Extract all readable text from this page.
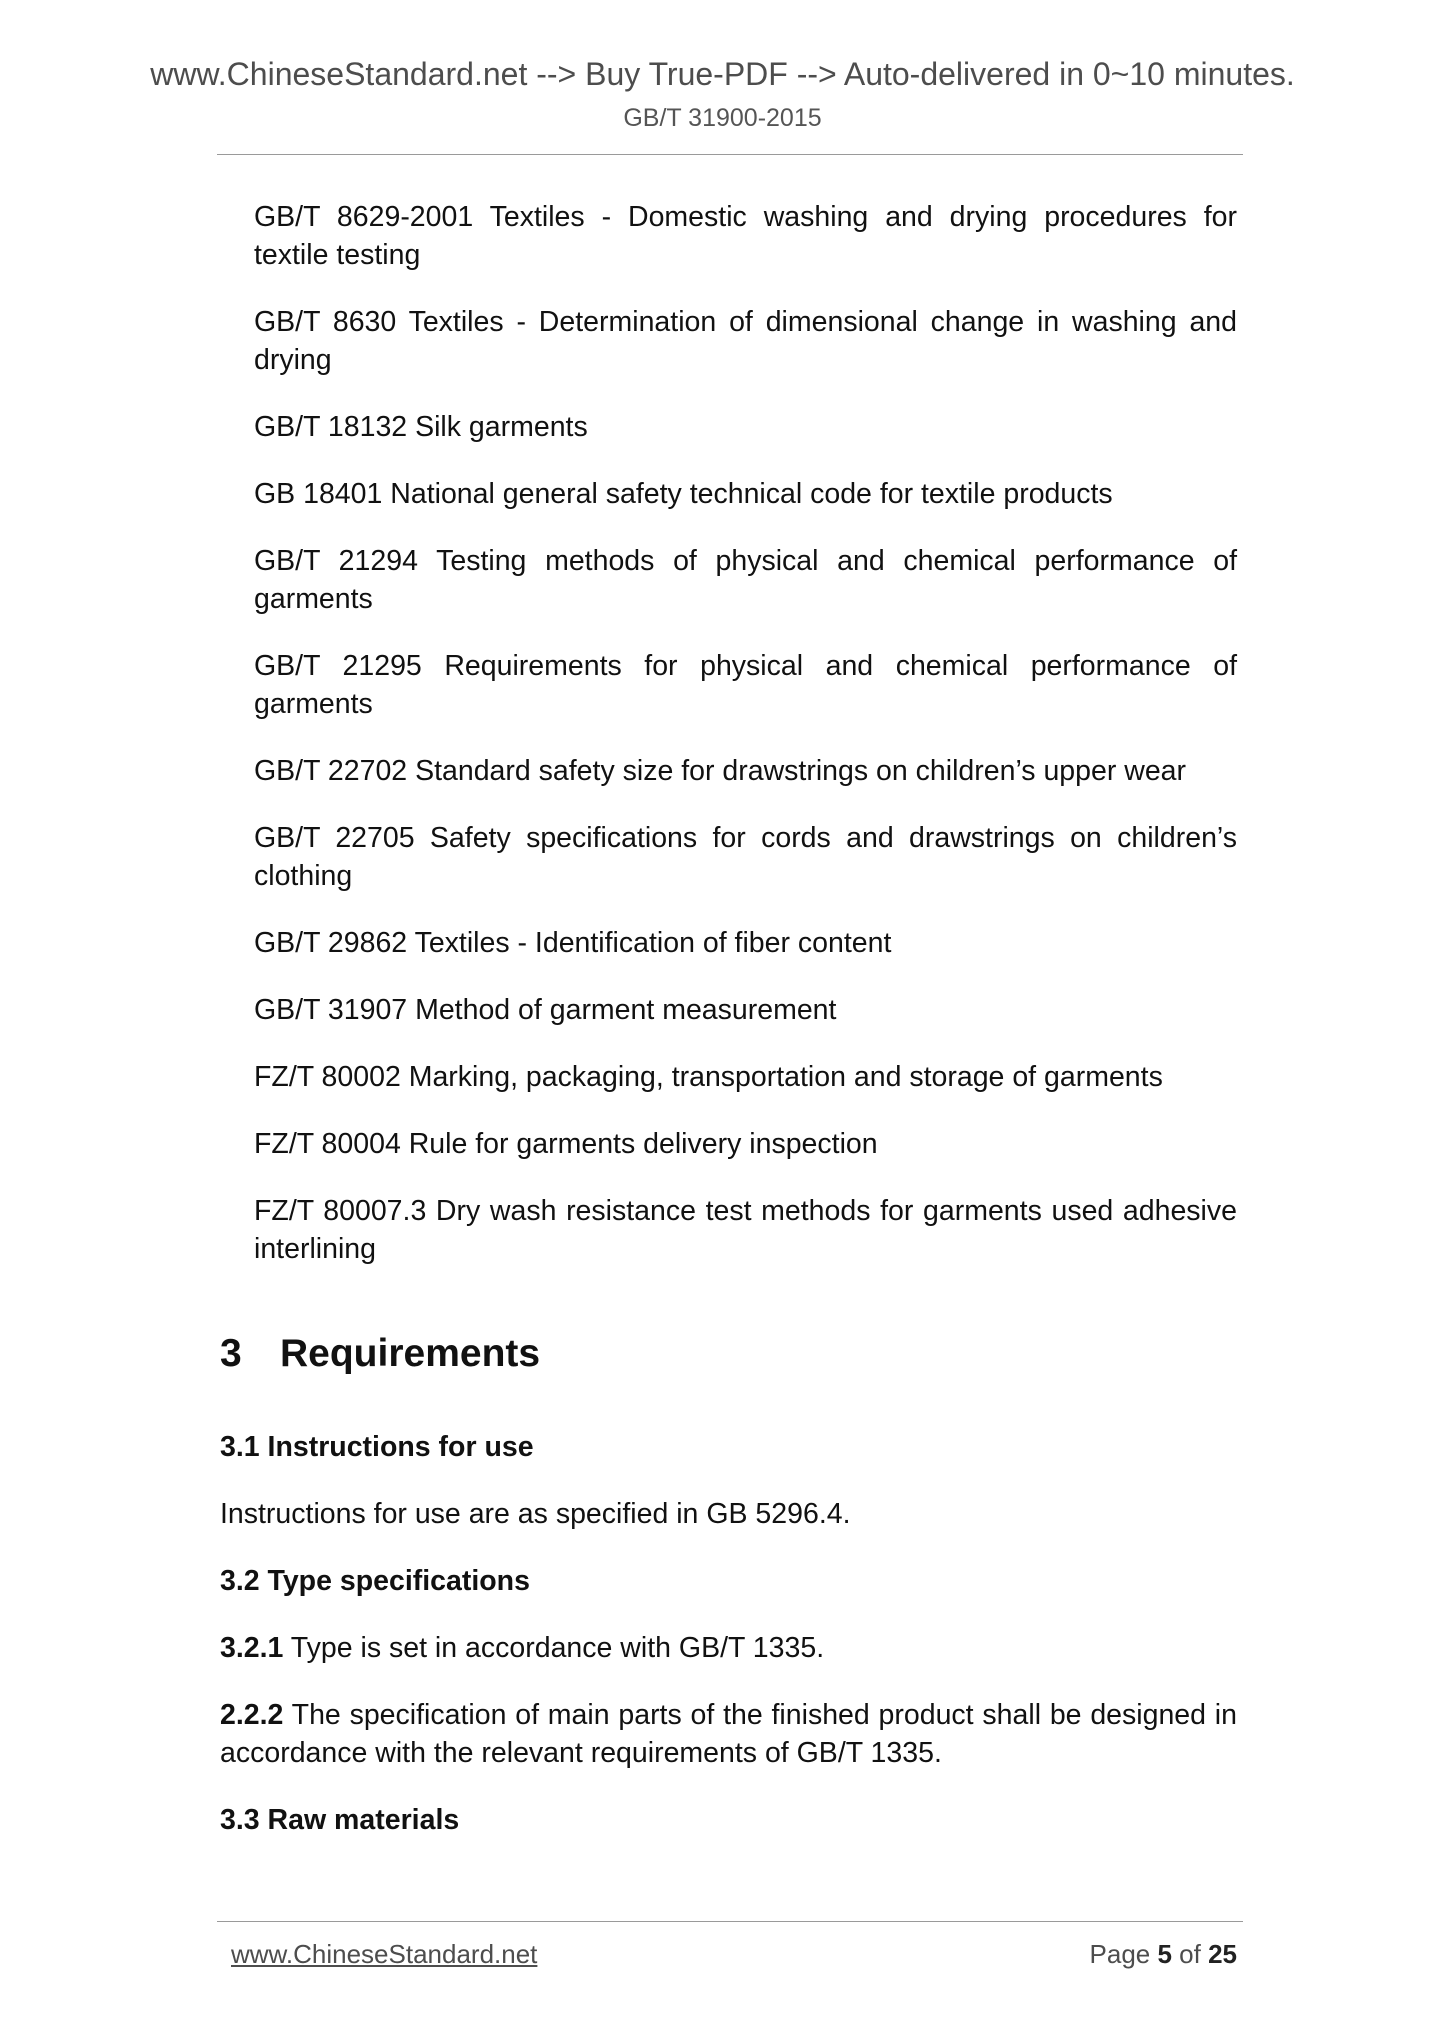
www.ChineseStandard.net --> Buy True-PDF --> Auto-delivered in 0~10 minutes.
GB/T 31900-2015

GB/T 8629-2001 Textiles - Domestic washing and drying procedures for textile testing

GB/T 8630 Textiles - Determination of dimensional change in washing and drying

GB/T 18132 Silk garments

GB 18401 National general safety technical code for textile products

GB/T 21294 Testing methods of physical and chemical performance of garments

GB/T 21295 Requirements for physical and chemical performance of garments

GB/T 22702 Standard safety size for drawstrings on children’s upper wear

GB/T 22705 Safety specifications for cords and drawstrings on children’s clothing

GB/T 29862 Textiles - Identification of fiber content

GB/T 31907 Method of garment measurement

FZ/T 80002 Marking, packaging, transportation and storage of garments

FZ/T 80004 Rule for garments delivery inspection

FZ/T 80007.3 Dry wash resistance test methods for garments used adhesive interlining

3 Requirements

3.1 Instructions for use

Instructions for use are as specified in GB 5296.4.

3.2 Type specifications

3.2.1 Type is set in accordance with GB/T 1335.

2.2.2 The specification of main parts of the finished product shall be designed in accordance with the relevant requirements of GB/T 1335.

3.3 Raw materials

www.ChineseStandard.net	Page 5 of 25
